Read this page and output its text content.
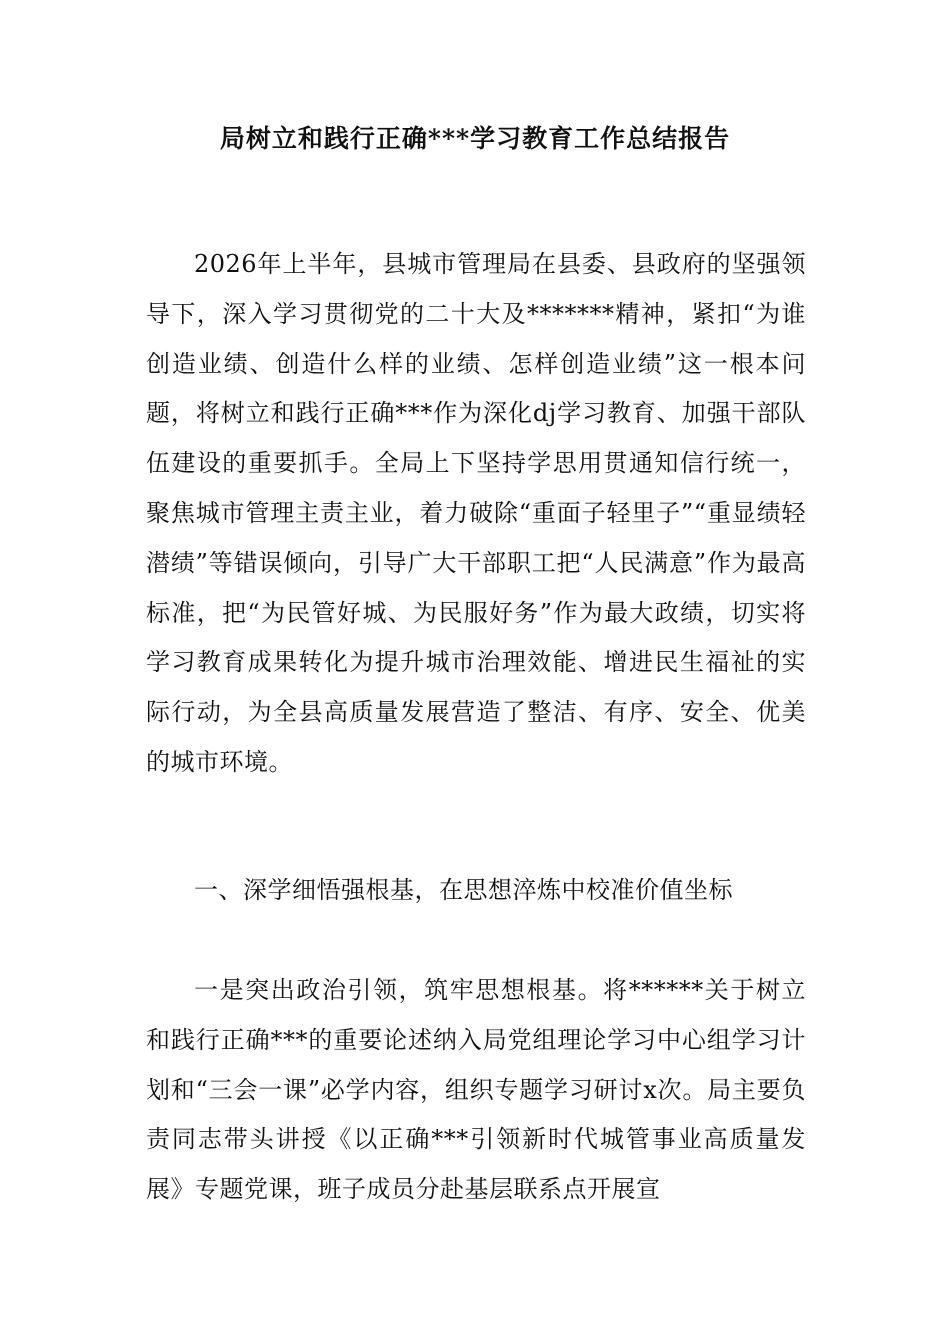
局树立和践行正确***学习教育工作总结报告

2026年上半年，县城市管理局在县委、县政府的坚强领导下，深入学习贯彻党的二十大及*******精神，紧扣“为谁创造业绩、创造什么样的业绩、怎样创造业绩”这一根本问题，将树立和践行正确***作为深化dj学习教育、加强干部队伍建设的重要抓手。全局上下坚持学思用贯通知信行统一，聚焦城市管理主责主业，着力破除“重面子轻里子”“重显绩轻潜绩”等错误倾向，引导广大干部职工把“人民满意”作为最高标准，把“为民管好城、为民服好务”作为最大政绩，切实将学习教育成果转化为提升城市治理效能、增进民生福祉的实际行动，为全县高质量发展营造了整洁、有序、安全、优美的城市环境。

一、深学细悟强根基，在思想淬炼中校准价值坐标

一是突出政治引领，筑牢思想根基。将******关于树立和践行正确***的重要论述纳入局党组理论学习中心组学习计划和“三会一课”必学内容，组织专题学习研讨x次。局主要负责同志带头讲授《以正确***引领新时代城管事业高质量发展》专题党课，班子成员分赴基层联系点开展宣
